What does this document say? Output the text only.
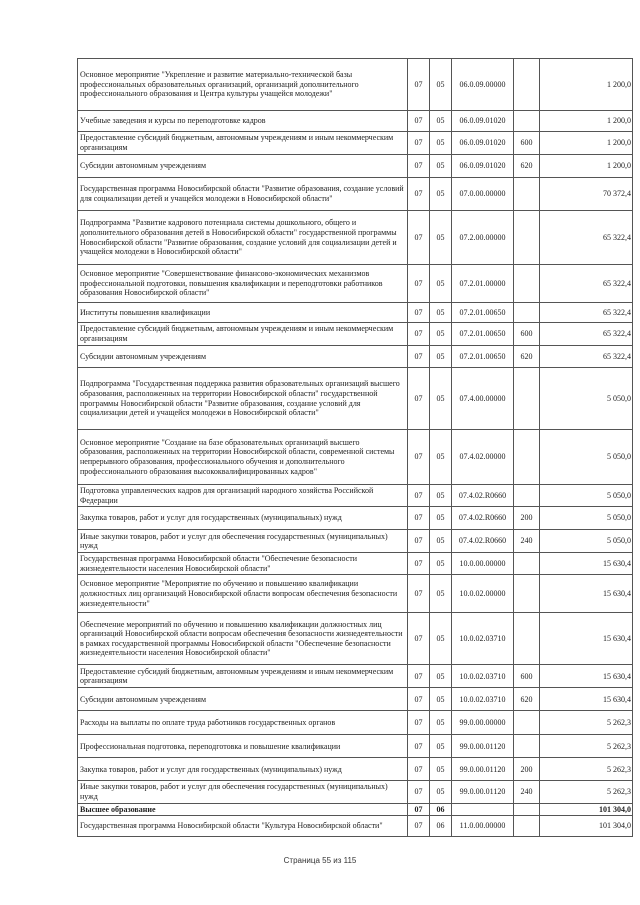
Основное мероприятие "Укрепление и развитие материально-технической базы профессиональных образовательных организаций, организаций дополнительного профессионального образования и Центра культуры учащейся молодежи"	07	05	06.0.09.00000		1 200,0
Учебные заведения и курсы по переподготовке кадров	07	05	06.0.09.01020		1 200,0
Предоставление субсидий бюджетным, автономным учреждениям и иным некоммерческим организациям	07	05	06.0.09.01020	600	1 200,0
Субсидии автономным учреждениям	07	05	06.0.09.01020	620	1 200,0
Государственная программа Новосибирской области "Развитие образования, создание условий для социализации детей и учащейся молодежи в Новосибирской области"	07	05	07.0.00.00000		70 372,4
Подпрограмма "Развитие кадрового потенциала системы дошкольного, общего и дополнительного образования детей в Новосибирской области" государственной программы Новосибирской области "Развитие образования, создание условий для социализации детей и учащейся молодежи в Новосибирской области"	07	05	07.2.00.00000		65 322,4
Основное мероприятие "Совершенствование финансово-экономических механизмов профессиональной подготовки, повышения квалификации и переподготовки работников образования Новосибирской области"	07	05	07.2.01.00000		65 322,4
Институты повышения квалификации	07	05	07.2.01.00650		65 322,4
Предоставление субсидий бюджетным, автономным учреждениям и иным некоммерческим организациям	07	05	07.2.01.00650	600	65 322,4
Субсидии автономным учреждениям	07	05	07.2.01.00650	620	65 322,4
Подпрограмма "Государственная поддержка развития образовательных организаций высшего образования, расположенных на территории Новосибирской области" государственной программы Новосибирской области "Развитие образования, создание условий для социализации детей и учащейся молодежи в Новосибирской области"	07	05	07.4.00.00000		5 050,0
Основное мероприятие "Создание на базе образовательных организаций высшего образования, расположенных на территории Новосибирской области, современной системы непрерывного образования, профессионального обучения и дополнительного профессионального образования высококвалифицированных кадров"	07	05	07.4.02.00000		5 050,0
Подготовка управленческих кадров для организаций народного хозяйства Российской Федерации	07	05	07.4.02.R0660		5 050,0
Закупка товаров, работ и услуг для государственных (муниципальных) нужд	07	05	07.4.02.R0660	200	5 050,0
Иные закупки товаров, работ и услуг для обеспечения государственных (муниципальных) нужд	07	05	07.4.02.R0660	240	5 050,0
Государственная программа Новосибирской области "Обеспечение безопасности жизнедеятельности населения Новосибирской области"	07	05	10.0.00.00000		15 630,4
Основное мероприятие "Мероприятие по обучению и повышению квалификации должностных лиц организаций Новосибирской области вопросам обеспечения безопасности жизнедеятельности"	07	05	10.0.02.00000		15 630,4
Обеспечение мероприятий по обучению и повышению квалификации должностных лиц организаций Новосибирской области вопросам обеспечения безопасности жизнедеятельности в рамках государственной программы Новосибирской области "Обеспечение безопасности жизнедеятельности населения Новосибирской области"	07	05	10.0.02.03710		15 630,4
Предоставление субсидий бюджетным, автономным учреждениям и иным некоммерческим организациям	07	05	10.0.02.03710	600	15 630,4
Субсидии автономным учреждениям	07	05	10.0.02.03710	620	15 630,4
Расходы на выплаты по оплате труда работников государственных органов	07	05	99.0.00.00000		5 262,3
Профессиональная подготовка, переподготовка и повышение квалификации	07	05	99.0.00.01120		5 262,3
Закупка товаров, работ и услуг для государственных (муниципальных) нужд	07	05	99.0.00.01120	200	5 262,3
Иные закупки товаров, работ и услуг для обеспечения государственных (муниципальных) нужд	07	05	99.0.00.01120	240	5 262,3
Высшее образование	07	06			101 304,0
Государственная программа Новосибирской области "Культура Новосибирской области"	07	06	11.0.00.00000		101 304,0
Страница 55 из 115
